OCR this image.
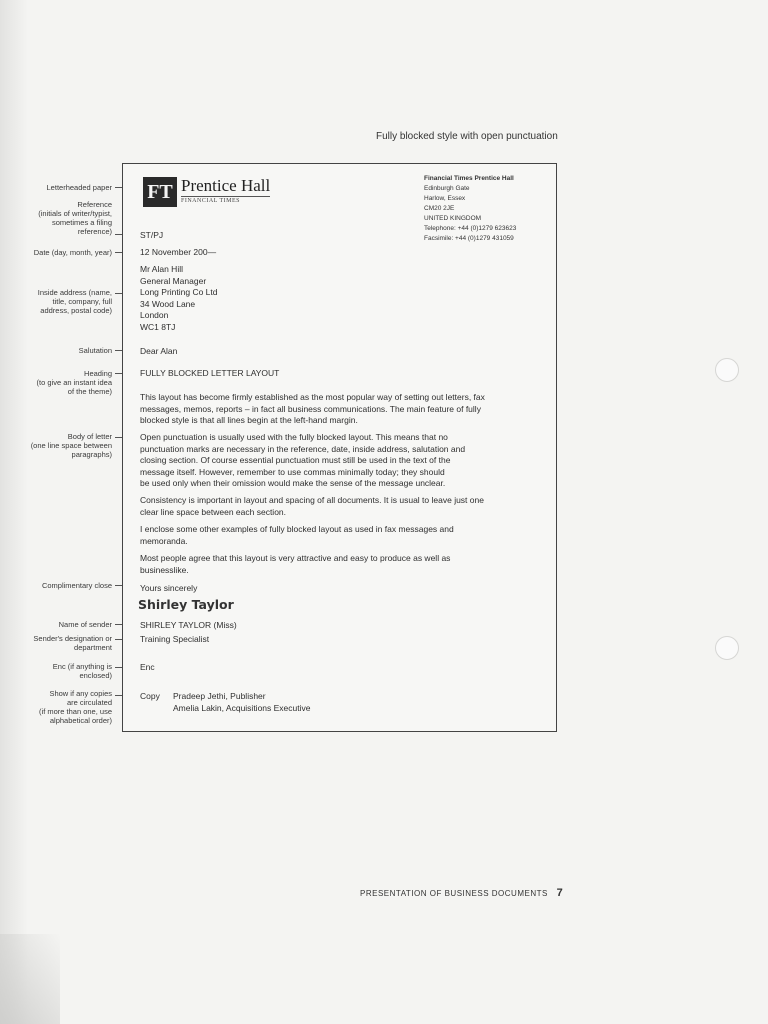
Fully blocked style with open punctuation
Letterheaded paper
Reference
(initials of writer/typist,
sometimes a filing
reference)
Date (day, month, year)
Inside address (name,
title, company, full
address, postal code)
Salutation
Heading
(to give an instant idea
of the theme)
Body of letter
(one line space between
paragraphs)
Complimentary close
Name of sender
Sender's designation or
department
Enc (if anything is
enclosed)
Show if any copies
are circulated
(if more than one, use
alphabetical order)
FT Prentice Hall
FINANCIAL TIMES
Financial Times Prentice Hall
Edinburgh Gate
Harlow, Essex
CM20 2JE
UNITED KINGDOM
Telephone: +44 (0)1279 623623
Facsimile: +44 (0)1279 431059
ST/PJ
12 November 200—
Mr Alan Hill
General Manager
Long Printing Co Ltd
34 Wood Lane
London
WC1 8TJ
Dear Alan
FULLY BLOCKED LETTER LAYOUT
This layout has become firmly established as the most popular way of setting out letters, fax
messages, memos, reports – in fact all business communications. The main feature of fully
blocked style is that all lines begin at the left-hand margin.
Open punctuation is usually used with the fully blocked layout. This means that no
punctuation marks are necessary in the reference, date, inside address, salutation and
closing section. Of course essential punctuation must still be used in the text of the
message itself. However, remember to use commas minimally today; they should
be used only when their omission would make the sense of the message unclear.
Consistency is important in layout and spacing of all documents. It is usual to leave just one
clear line space between each section.
I enclose some other examples of fully blocked layout as used in fax messages and
memoranda.
Most people agree that this layout is very attractive and easy to produce as well as
businesslike.
Yours sincerely
Shirley Taylor
SHIRLEY TAYLOR (Miss)
Training Specialist
Enc
Copy	Pradeep Jethi, Publisher
Amelia Lakin, Acquisitions Executive
PRESENTATION OF BUSINESS DOCUMENTS 7
